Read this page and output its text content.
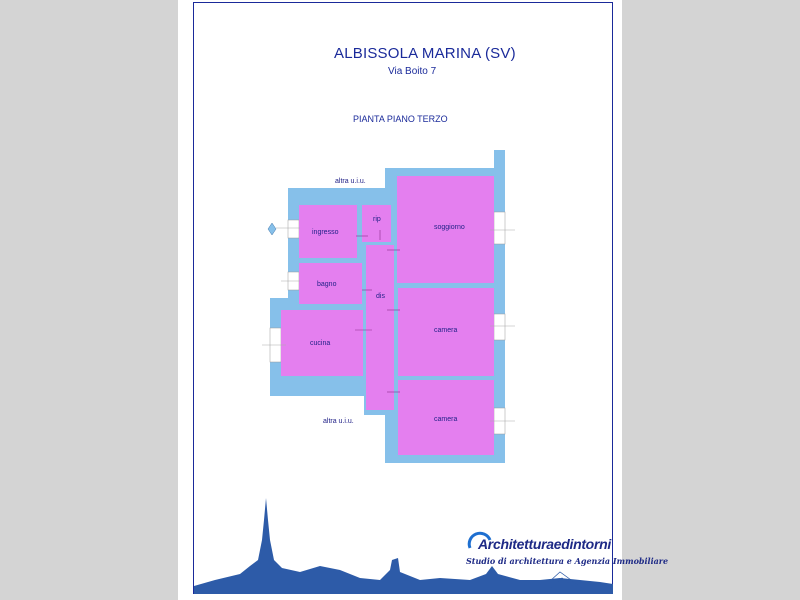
ALBISSOLA MARINA (SV)
Via Boito 7
PIANTA PIANO TERZO
ingresso
rip
soggiorno
bagno
dis
cucina
camera
camera
altra u.i.u.
altra u.i.u.
Architetturaedintorni
Studio di architettura e Agenzia Immobiliare
